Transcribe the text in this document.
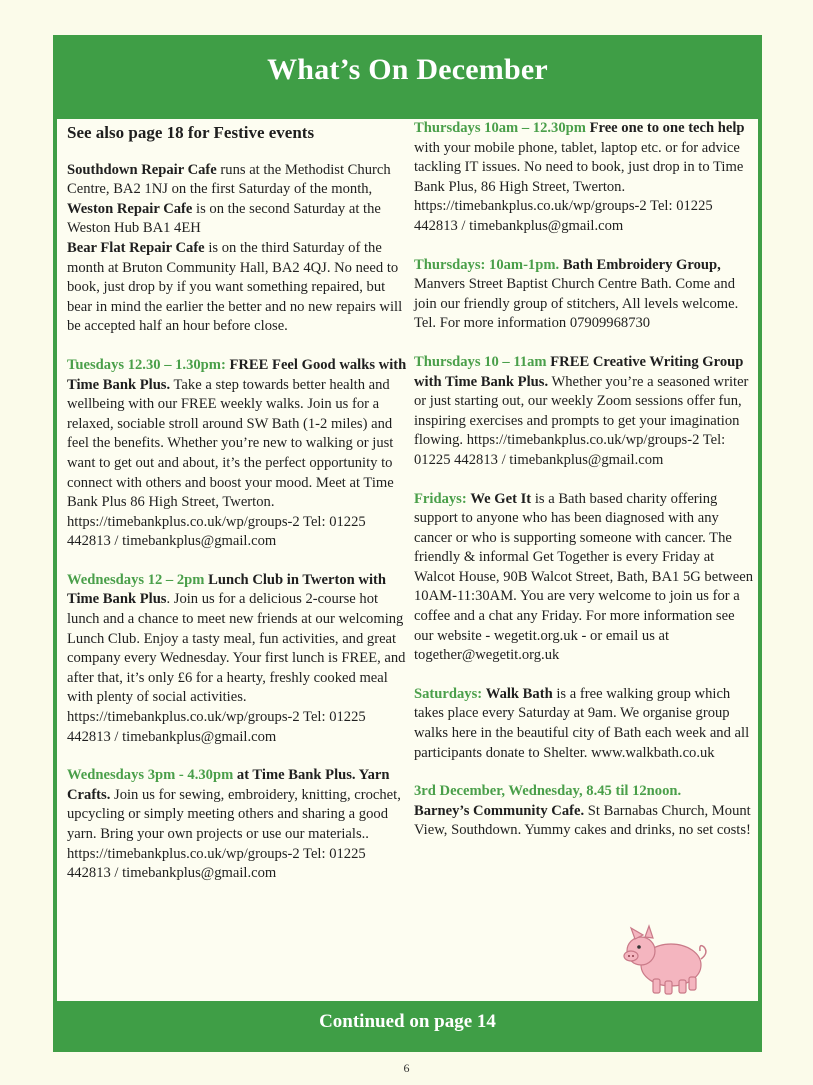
What’s On December

See also page 18 for Festive events

Southdown Repair Cafe runs at the Methodist Church Centre, BA2 1NJ on the first Saturday of the month,
Weston Repair Cafe is on the second Saturday at the Weston Hub BA1 4EH
Bear Flat Repair Cafe is on the third Saturday of the month at Bruton Community Hall, BA2 4QJ. No need to book, just drop by if you want something repaired, but bear in mind the earlier the better and no new repairs will be accepted half an hour before close.

Tuesdays 12.30 – 1.30pm: FREE Feel Good walks with Time Bank Plus. Take a step towards better health and wellbeing with our FREE weekly walks. Join us for a relaxed, sociable stroll around SW Bath (1-2 miles) and feel the benefits. Whether you’re new to walking or just want to get out and about, it’s the perfect opportunity to connect with others and boost your mood. Meet at Time Bank Plus 86 High Street, Twerton. https://timebankplus.co.uk/wp/groups-2 Tel: 01225 442813 / timebankplus@gmail.com

Wednesdays 12 – 2pm Lunch Club in Twerton with Time Bank Plus. Join us for a delicious 2-course hot lunch and a chance to meet new friends at our welcoming Lunch Club. Enjoy a tasty meal, fun activities, and great company every Wednesday. Your first lunch is FREE, and after that, it’s only £6 for a hearty, freshly cooked meal with plenty of social activities. https://timebankplus.co.uk/wp/groups-2 Tel: 01225 442813 / timebankplus@gmail.com

Wednesdays 3pm - 4.30pm at Time Bank Plus. Yarn Crafts. Join us for sewing, embroidery, knitting, crochet, upcycling or simply meeting others and sharing a good yarn. Bring your own projects or use our materials.. https://timebankplus.co.uk/wp/groups-2 Tel: 01225 442813 / timebankplus@gmail.com

Thursdays 10am – 12.30pm Free one to one tech help with your mobile phone, tablet, laptop etc. or for advice tackling IT issues. No need to book, just drop in to Time Bank Plus, 86 High Street, Twerton. https://timebankplus.co.uk/wp/groups-2 Tel: 01225 442813 / timebankplus@gmail.com

Thursdays: 10am-1pm. Bath Embroidery Group, Manvers Street Baptist Church Centre Bath. Come and join our friendly group of stitchers, All levels welcome. Tel. For more information 07909968730

Thursdays 10 – 11am FREE Creative Writing Group with Time Bank Plus. Whether you’re a seasoned writer or just starting out, our weekly Zoom sessions offer fun, inspiring exercises and prompts to get your imagination flowing. https://timebankplus.co.uk/wp/groups-2 Tel: 01225 442813 / timebankplus@gmail.com

Fridays: We Get It is a Bath based charity offering support to anyone who has been diagnosed with any cancer or who is supporting someone with cancer. The friendly & informal Get Together is every Friday at Walcot House, 90B Walcot Street, Bath, BA1 5G between 10AM-11:30AM. You are very welcome to join us for a coffee and a chat any Friday. For more information see our website - wegetit.org.uk - or email us at together@wegetit.org.uk

Saturdays: Walk Bath is a free walking group which takes place every Saturday at 9am. We organise group walks here in the beautiful city of Bath each week and all participants donate to Shelter. www.walkbath.co.uk

3rd December, Wednesday, 8.45 til 12noon.
Barney’s Community Cafe. St Barnabas Church, Mount View, Southdown. Yummy cakes and drinks, no set costs!

Continued on page 14
6
